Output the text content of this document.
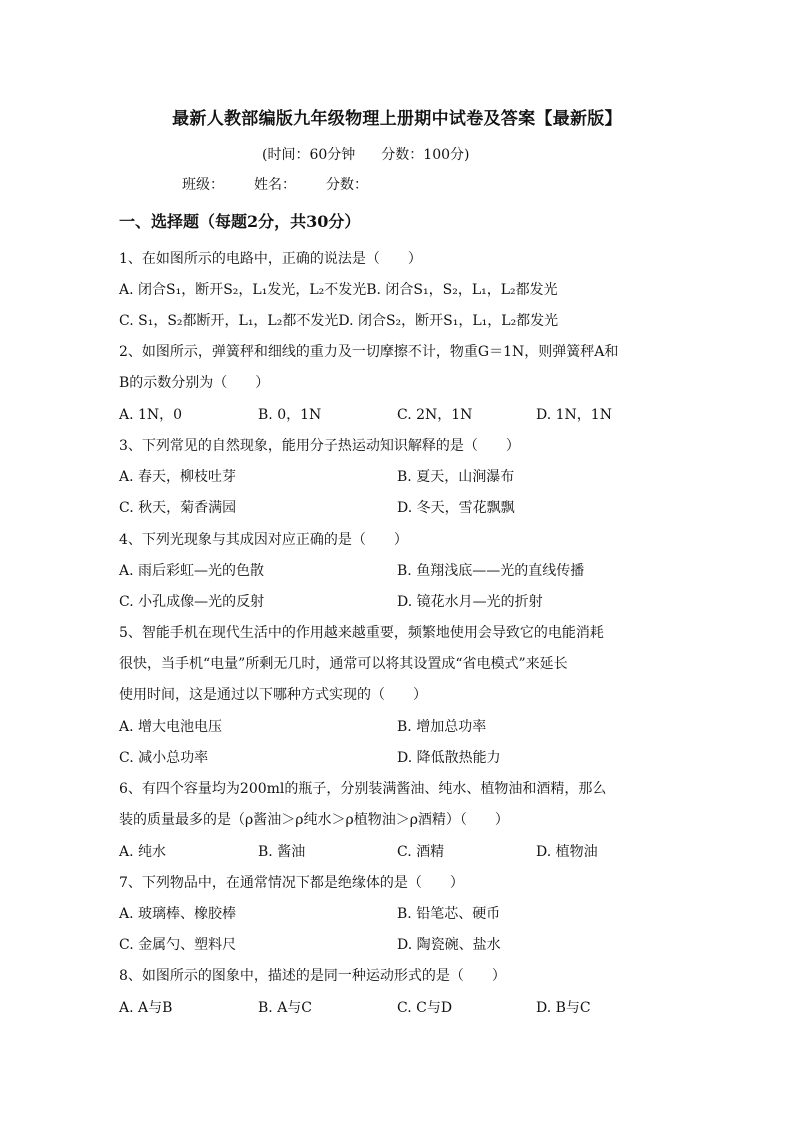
最新人教部编版九年级物理上册期中试卷及答案【最新版】
(时间：60分钟 分数：100分)
班级： 姓名： 分数：
一、选择题（每题2分，共30分）
1、在如图所示的电路中，正确的说法是（　　）
A. 闭合S₁，断开S₂，L₁发光，L₂不发光B. 闭合S₁，S₂，L₁，L₂都发光
C. S₁，S₂都断开，L₁，L₂都不发光D. 闭合S₂，断开S₁，L₁，L₂都发光
2、如图所示，弹簧秤和细线的重力及一切摩擦不计，物重G＝1N，则弹簧秤A和
B的示数分别为（　　）
A. 1N，0	B. 0，1N	C. 2N，1N	D. 1N，1N
3、下列常见的自然现象，能用分子热运动知识解释的是（　　）
A. 春天，柳枝吐芽	B. 夏天，山涧瀑布
C. 秋天，菊香满园	D. 冬天，雪花飘飘
4、下列光现象与其成因对应正确的是（　　）
A. 雨后彩虹—光的色散	B. 鱼翔浅底——光的直线传播
C. 小孔成像—光的反射	D. 镜花水月—光的折射
5、智能手机在现代生活中的作用越来越重要，频繁地使用会导致它的电能消耗
很快，当手机“电量”所剩无几时，通常可以将其设置成“省电模式”来延长
使用时间，这是通过以下哪种方式实现的（　　）
A. 增大电池电压	B. 增加总功率
C. 减小总功率	D. 降低散热能力
6、有四个容量均为200ml的瓶子，分别装满酱油、纯水、植物油和酒精，那么
装的质量最多的是（ρ酱油＞ρ纯水＞ρ植物油＞ρ酒精）（　　）
A. 纯水	B. 酱油	C. 酒精	D. 植物油
7、下列物品中，在通常情况下都是绝缘体的是（　　）
A. 玻璃棒、橡胶棒	B. 铅笔芯、硬币
C. 金属勺、塑料尺	D. 陶瓷碗、盐水
8、如图所示的图象中，描述的是同一种运动形式的是（　　）
A. A与B	B. A与C	C. C与D	D. B与C
